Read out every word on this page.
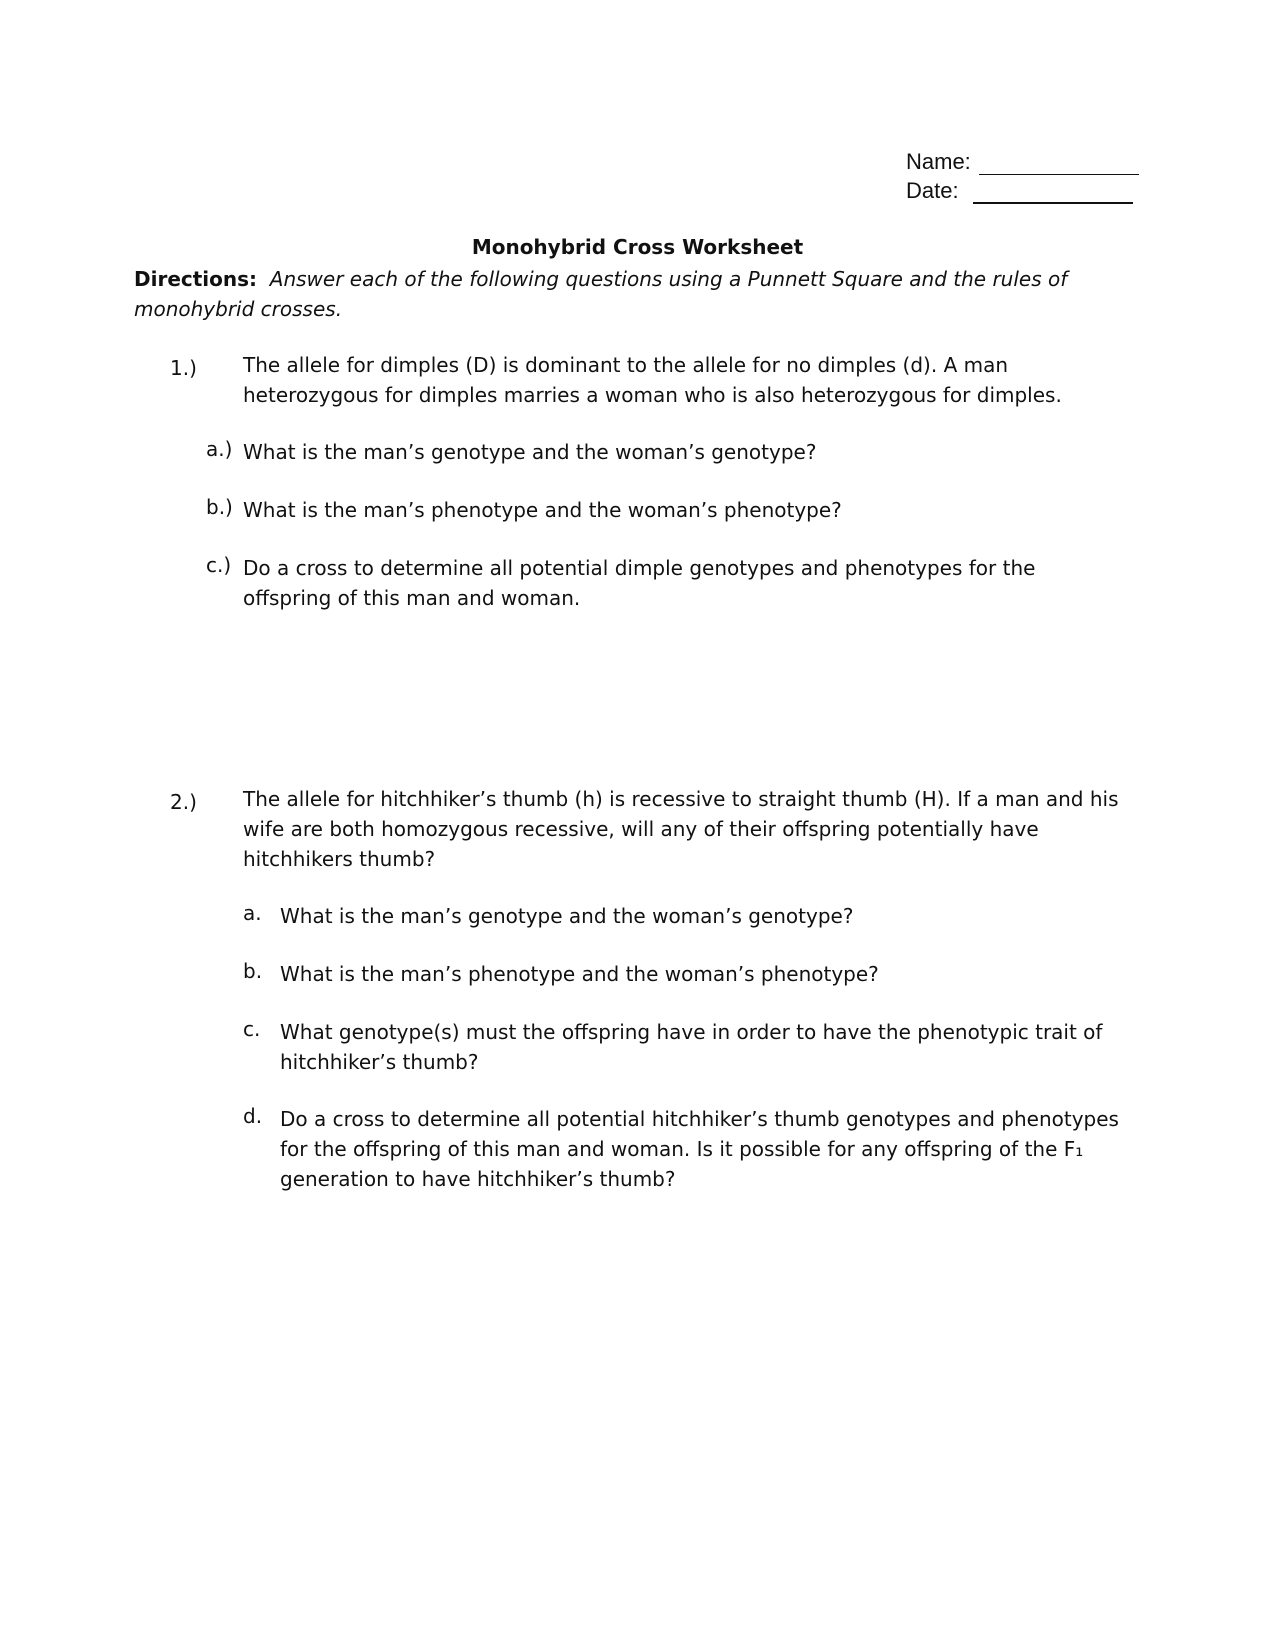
Name:
Date:
Monohybrid Cross Worksheet
Directions: Answer each of the following questions using a Punnett Square and the rules of monohybrid crosses.
1.) The allele for dimples (D) is dominant to the allele for no dimples (d). A man heterozygous for dimples marries a woman who is also heterozygous for dimples.
a.) What is the man’s genotype and the woman’s genotype?
b.) What is the man’s phenotype and the woman’s phenotype?
c.) Do a cross to determine all potential dimple genotypes and phenotypes for the offspring of this man and woman.
2.) The allele for hitchhiker’s thumb (h) is recessive to straight thumb (H). If a man and his wife are both homozygous recessive, will any of their offspring potentially have hitchhikers thumb?
a. What is the man’s genotype and the woman’s genotype?
b. What is the man’s phenotype and the woman’s phenotype?
c. What genotype(s) must the offspring have in order to have the phenotypic trait of hitchhiker’s thumb?
d. Do a cross to determine all potential hitchhiker’s thumb genotypes and phenotypes for the offspring of this man and woman. Is it possible for any offspring of the F₁ generation to have hitchhiker’s thumb?
